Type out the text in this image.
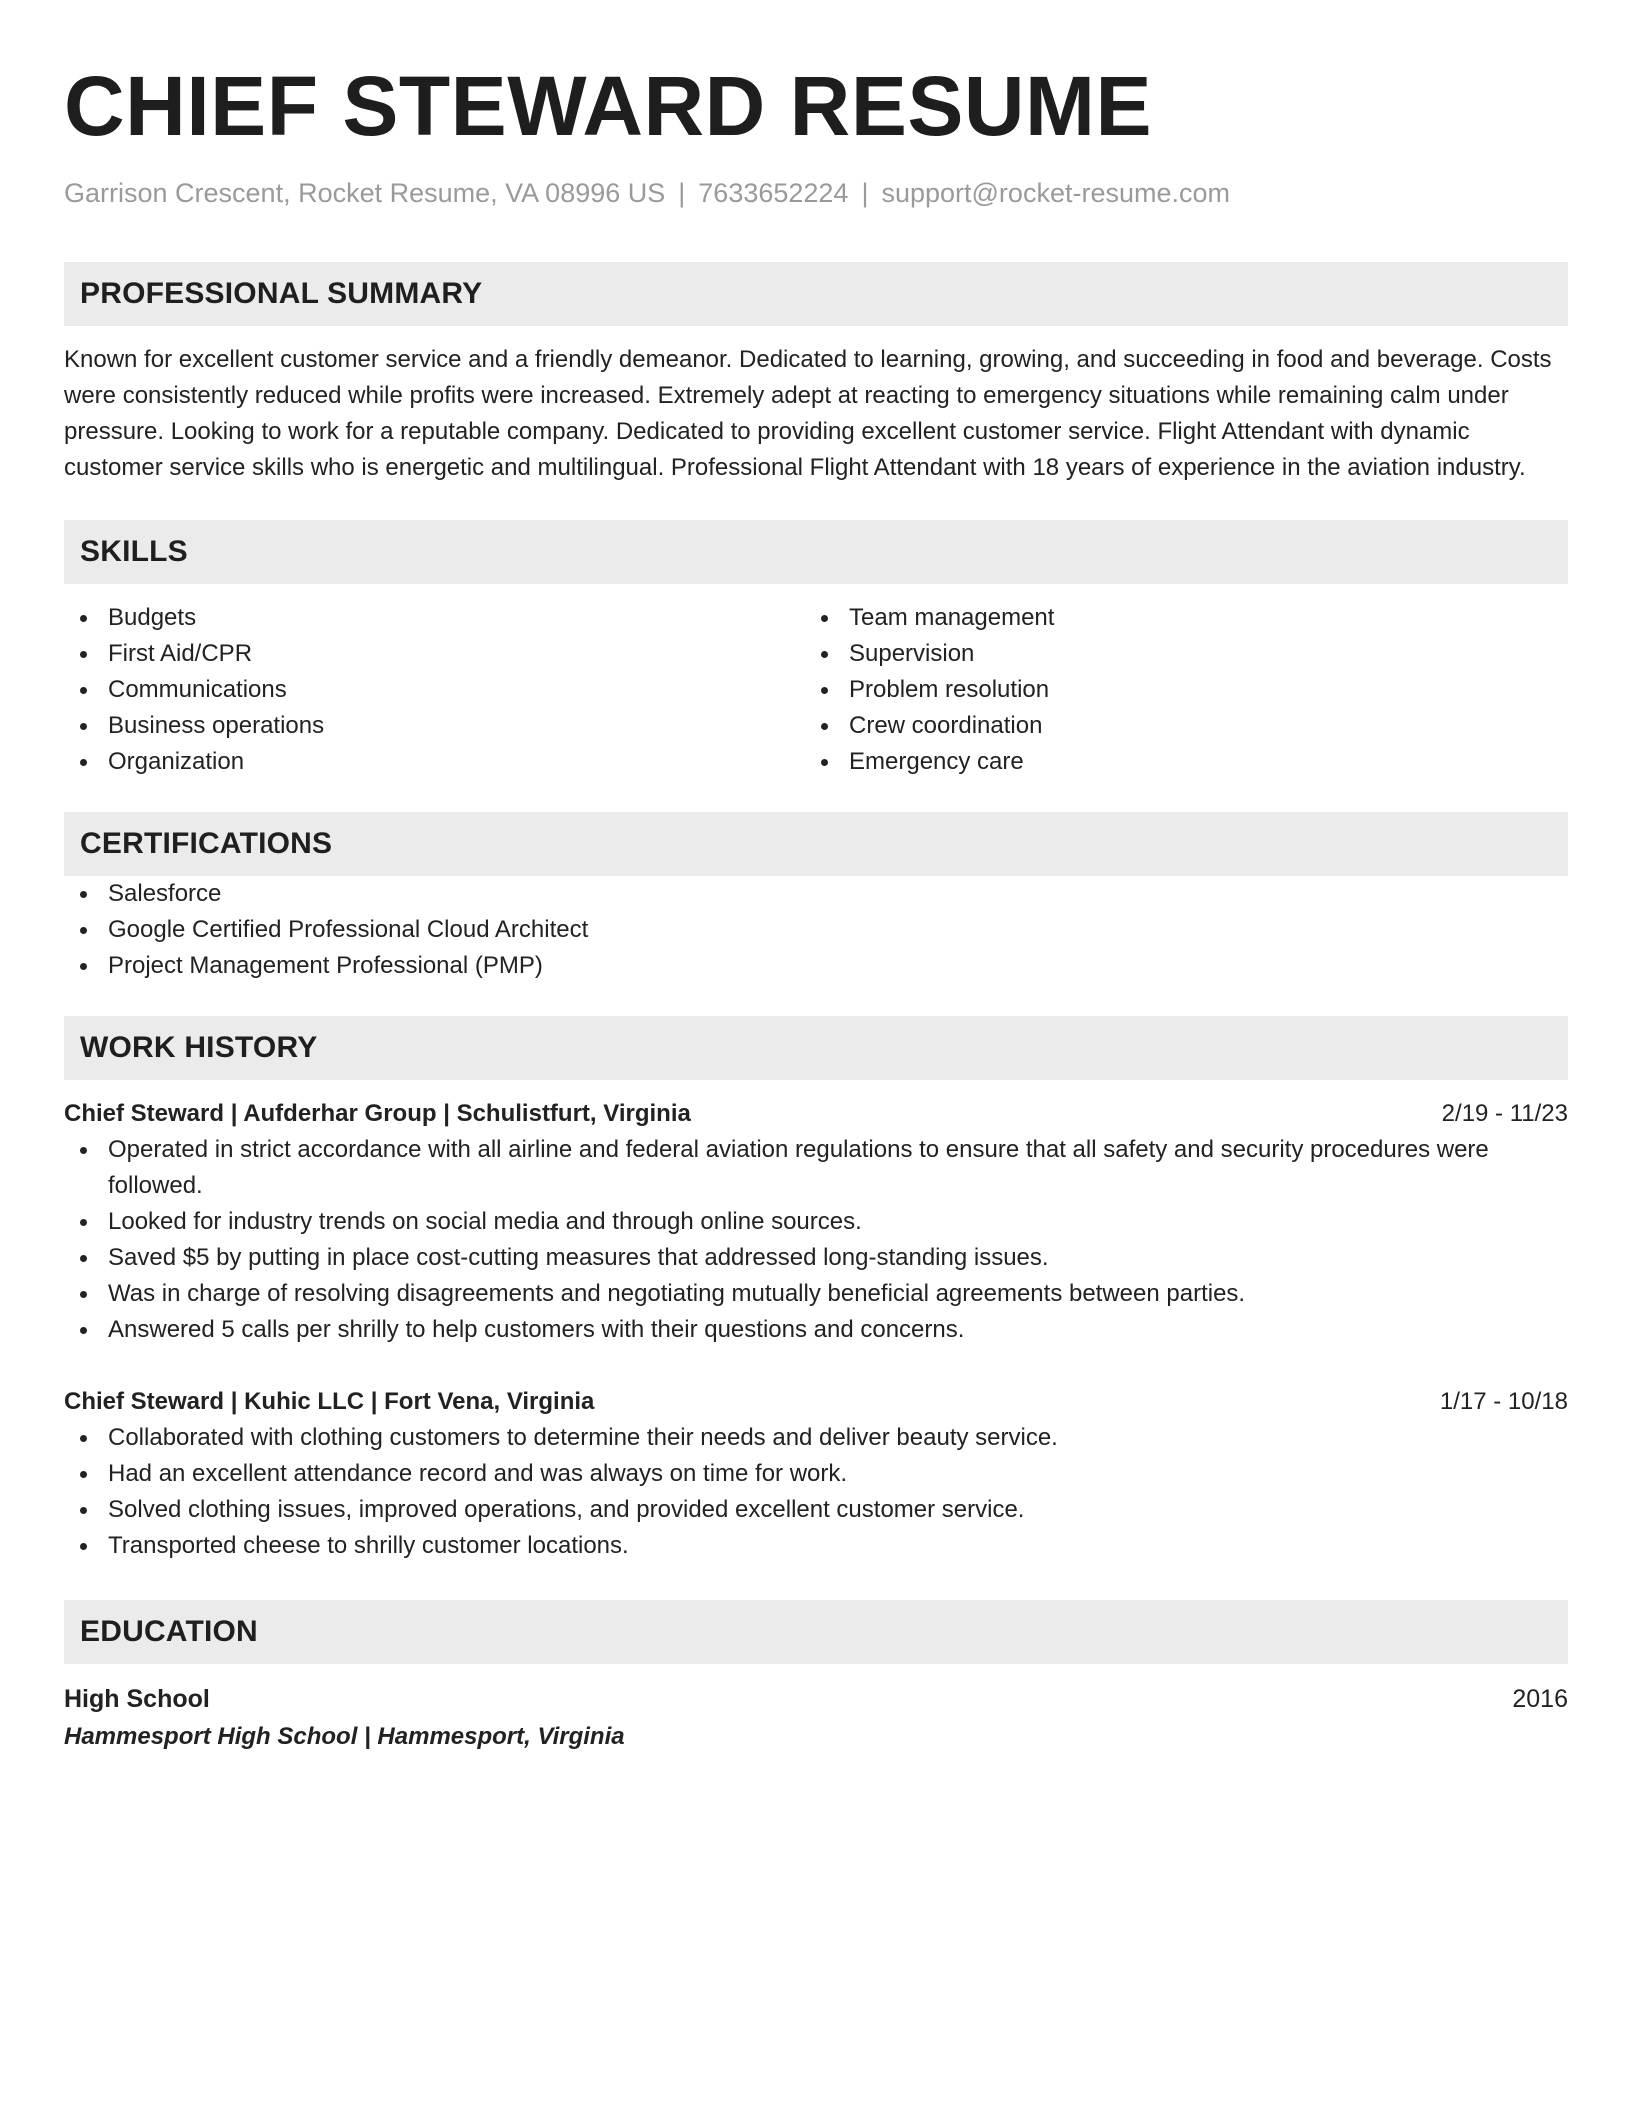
CHIEF STEWARD RESUME
Garrison Crescent, Rocket Resume, VA 08996 US | 7633652224 | support@rocket-resume.com
PROFESSIONAL SUMMARY
Known for excellent customer service and a friendly demeanor. Dedicated to learning, growing, and succeeding in food and beverage. Costs were consistently reduced while profits were increased. Extremely adept at reacting to emergency situations while remaining calm under pressure. Looking to work for a reputable company. Dedicated to providing excellent customer service. Flight Attendant with dynamic customer service skills who is energetic and multilingual. Professional Flight Attendant with 18 years of experience in the aviation industry.
SKILLS
Budgets
First Aid/CPR
Communications
Business operations
Organization
Team management
Supervision
Problem resolution
Crew coordination
Emergency care
CERTIFICATIONS
Salesforce
Google Certified Professional Cloud Architect
Project Management Professional (PMP)
WORK HISTORY
Chief Steward | Aufderhar Group | Schulistfurt, Virginia	2/19 - 11/23
Operated in strict accordance with all airline and federal aviation regulations to ensure that all safety and security procedures were followed.
Looked for industry trends on social media and through online sources.
Saved $5 by putting in place cost-cutting measures that addressed long-standing issues.
Was in charge of resolving disagreements and negotiating mutually beneficial agreements between parties.
Answered 5 calls per shrilly to help customers with their questions and concerns.
Chief Steward | Kuhic LLC | Fort Vena, Virginia	1/17 - 10/18
Collaborated with clothing customers to determine their needs and deliver beauty service.
Had an excellent attendance record and was always on time for work.
Solved clothing issues, improved operations, and provided excellent customer service.
Transported cheese to shrilly customer locations.
EDUCATION
High School	2016
Hammesport High School | Hammesport, Virginia
